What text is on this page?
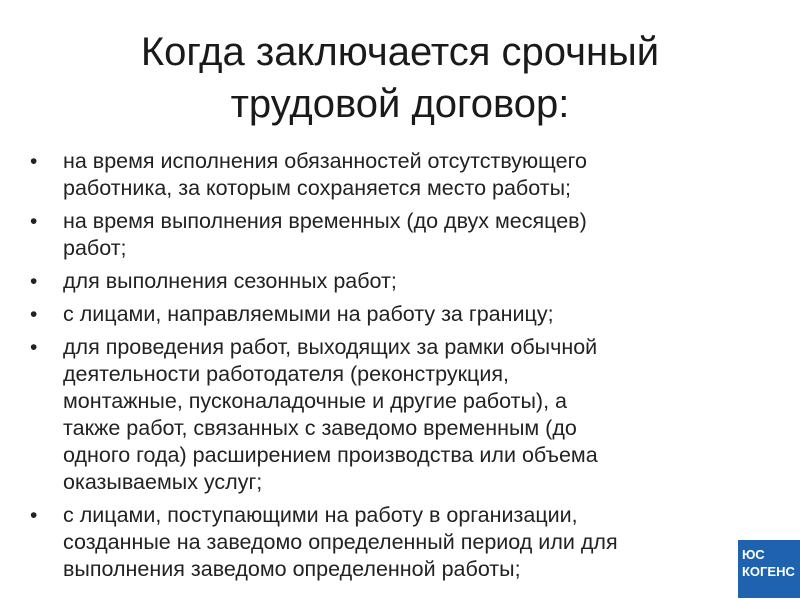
Когда заключается срочный
трудовой договор:
• на время исполнения обязанностей отсутствующего
работника, за которым сохраняется место работы;
• на время выполнения временных (до двух месяцев)
работ;
• для выполнения сезонных работ;
• с лицами, направляемыми на работу за границу;
• для проведения работ, выходящих за рамки обычной
деятельности работодателя (реконструкция,
монтажные, пусконаладочные и другие работы), а
также работ, связанных с заведомо временным (до
одного года) расширением производства или объема
оказываемых услуг;
• с лицами, поступающими на работу в организации,
созданные на заведомо определенный период или для
выполнения заведомо определенной работы;
ЮС
КОГЕНС
